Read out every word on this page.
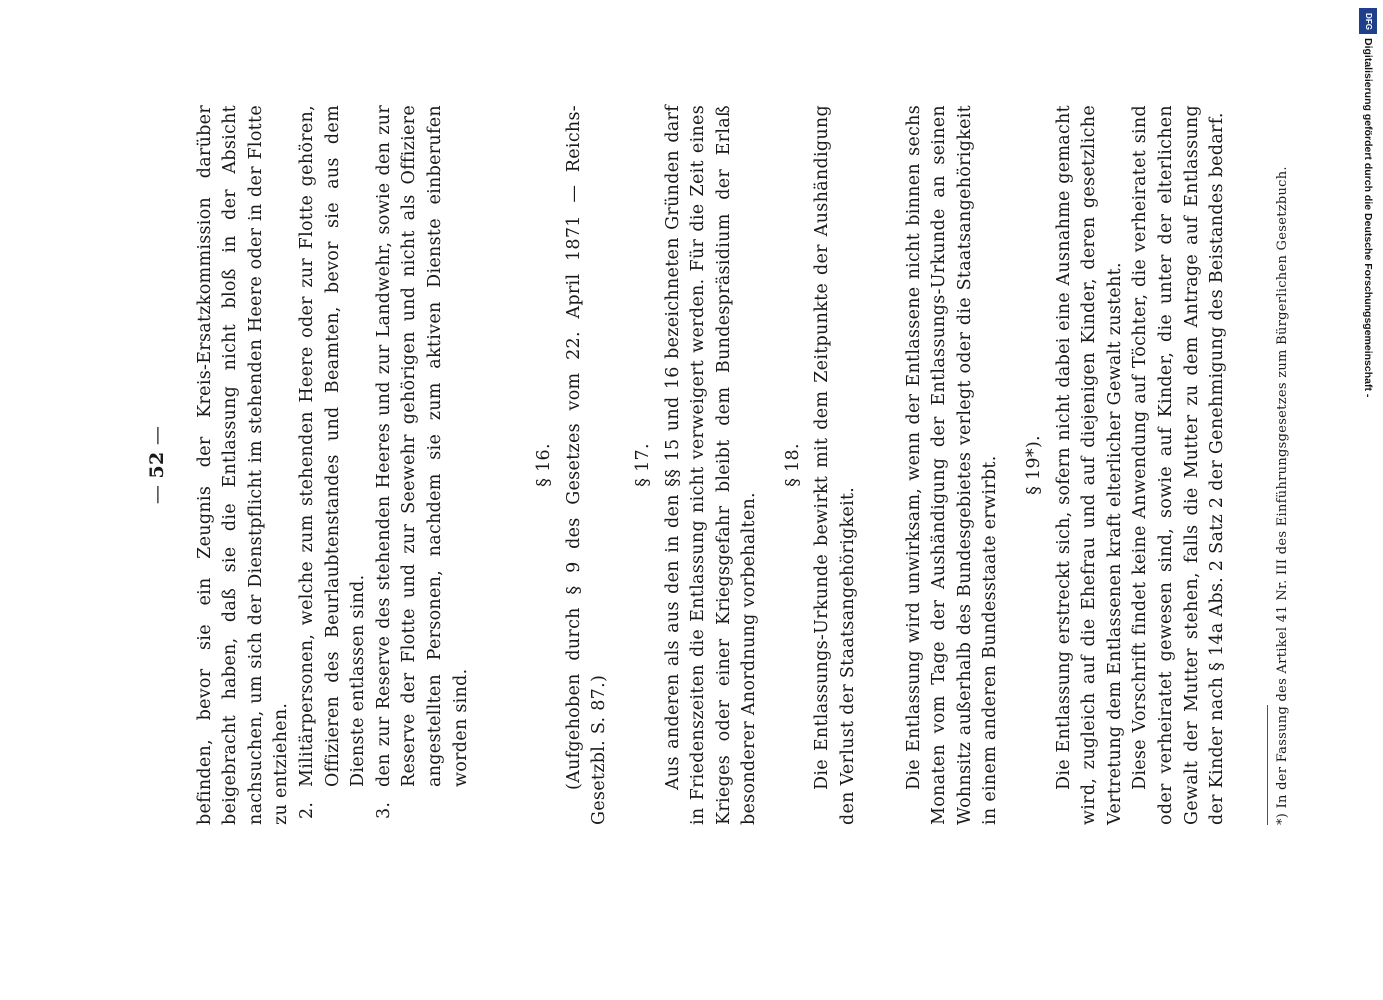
— 52 — befinden, bevor sie ein Zeugnis der Kreis-Ersatzkommission darüber beigebracht haben, daß sie die Entlassung nicht bloß in der Absicht nachsuchen, um sich der Dienstpflicht im stehenden Heere oder in der Flotte zu entziehen. 2.
Militärpersonen, welche zum stehenden Heere oder zur Flotte gehören, Offizieren des Beurlaubtenstandes und Beamten, bevor sie aus dem Dienste entlassen sind.
3.
den zur Reserve des stehenden Heeres und zur Landwehr, sowie den zur Reserve der Flotte und zur Seewehr gehörigen und nicht als Offiziere angestellten Personen, nachdem sie zum aktiven Dienste einberufen worden sind.
§ 16. (Aufgehoben durch § 9 des Gesetzes vom 22. April 1871 — Reichs-Gesetzbl. S. 87.)

§ 17. Aus anderen als aus den in den §§ 15 und 16 bezeichneten Gründen darf in Friedenszeiten die Entlassung nicht verweigert werden. Für die Zeit eines Krieges oder einer Kriegsgefahr bleibt dem Bundespräsidium der Erlaß besonderer Anordnung vorbehalten.

§ 18. Die Entlassungs-Urkunde bewirkt mit dem Zeitpunkte der Aushändigung den Verlust der Staatsangehörigkeit.	Die Entlassung wird unwirksam, wenn der Entlassene nicht binnen sechs Monaten vom Tage der Aushändigung der Entlassungs-Urkunde an seinen Wohnsitz außerhalb des Bundesgebietes verlegt oder die Staatsangehörigkeit in einem anderen Bundesstaate erwirbt. § 19*). Die Entlassung erstreckt sich, sofern nicht dabei eine Ausnahme gemacht wird, zugleich auf die Ehefrau und auf diejenigen Kinder, deren gesetzliche Vertretung dem Entlassenen kraft elterlicher Gewalt zusteht. Diese Vorschrift findet keine Anwendung auf Töchter, die verheiratet sind oder verheiratet gewesen sind, sowie auf Kinder, die unter der elterlichen Gewalt der Mutter stehen, falls die Mutter zu dem Antrage auf Entlassung der Kinder nach § 14a Abs. 2 Satz 2 der Genehmigung des Beistandes bedarf.	*) In der Fassung des Artikel 41 Nr. III des Einführungsgesetzes zum Bürgerlichen Gesetzbuch.

DFG
Digitalisierung gefördert durch die Deutsche Forschungsgemeinschaft -
